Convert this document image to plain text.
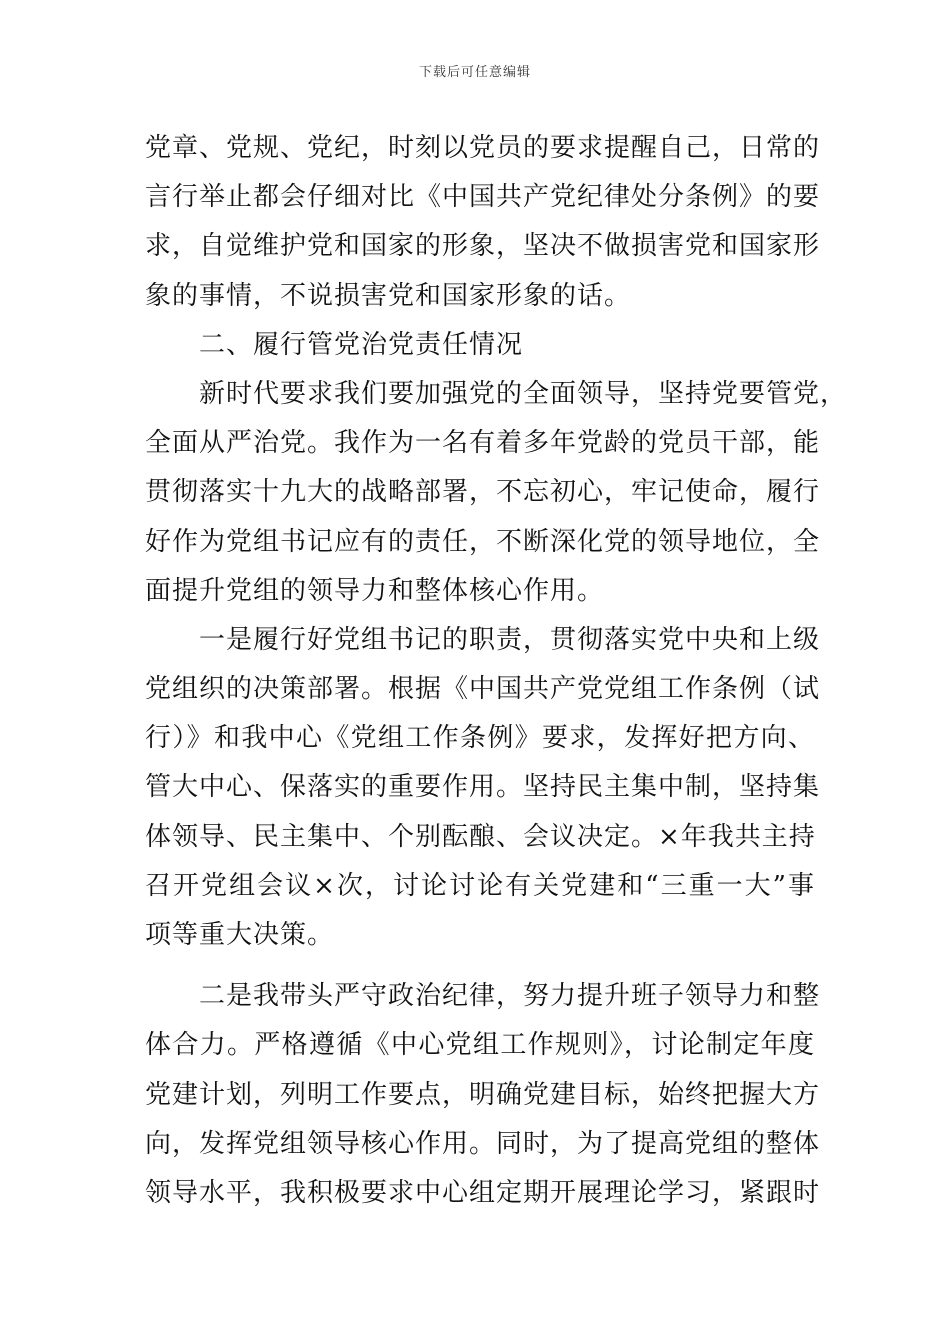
下载后可任意编辑
党章、党规、党纪，时刻以党员的要求提醒自己，日常的
言行举止都会仔细对比《中国共产党纪律处分条例》的要
求，自觉维护党和国家的形象，坚决不做损害党和国家形
象的事情，不说损害党和国家形象的话。
二、履行管党治党责任情况
新时代要求我们要加强党的全面领导，坚持党要管党，
全面从严治党。我作为一名有着多年党龄的党员干部，能
贯彻落实十九大的战略部署，不忘初心，牢记使命，履行
好作为党组书记应有的责任，不断深化党的领导地位，全
面提升党组的领导力和整体核心作用。
一是履行好党组书记的职责，贯彻落实党中央和上级
党组织的决策部署。根据《中国共产党党组工作条例（试
行）》和我中心《党组工作条例》要求，发挥好把方向、
管大中心、保落实的重要作用。坚持民主集中制，坚持集
体领导、民主集中、个别酝酿、会议决定。×年我共主持
召开党组会议×次，讨论讨论有关党建和“三重一大”事
项等重大决策。
二是我带头严守政治纪律，努力提升班子领导力和整
体合力。严格遵循《中心党组工作规则》，讨论制定年度
党建计划，列明工作要点，明确党建目标，始终把握大方
向，发挥党组领导核心作用。同时，为了提高党组的整体
领导水平，我积极要求中心组定期开展理论学习，紧跟时
